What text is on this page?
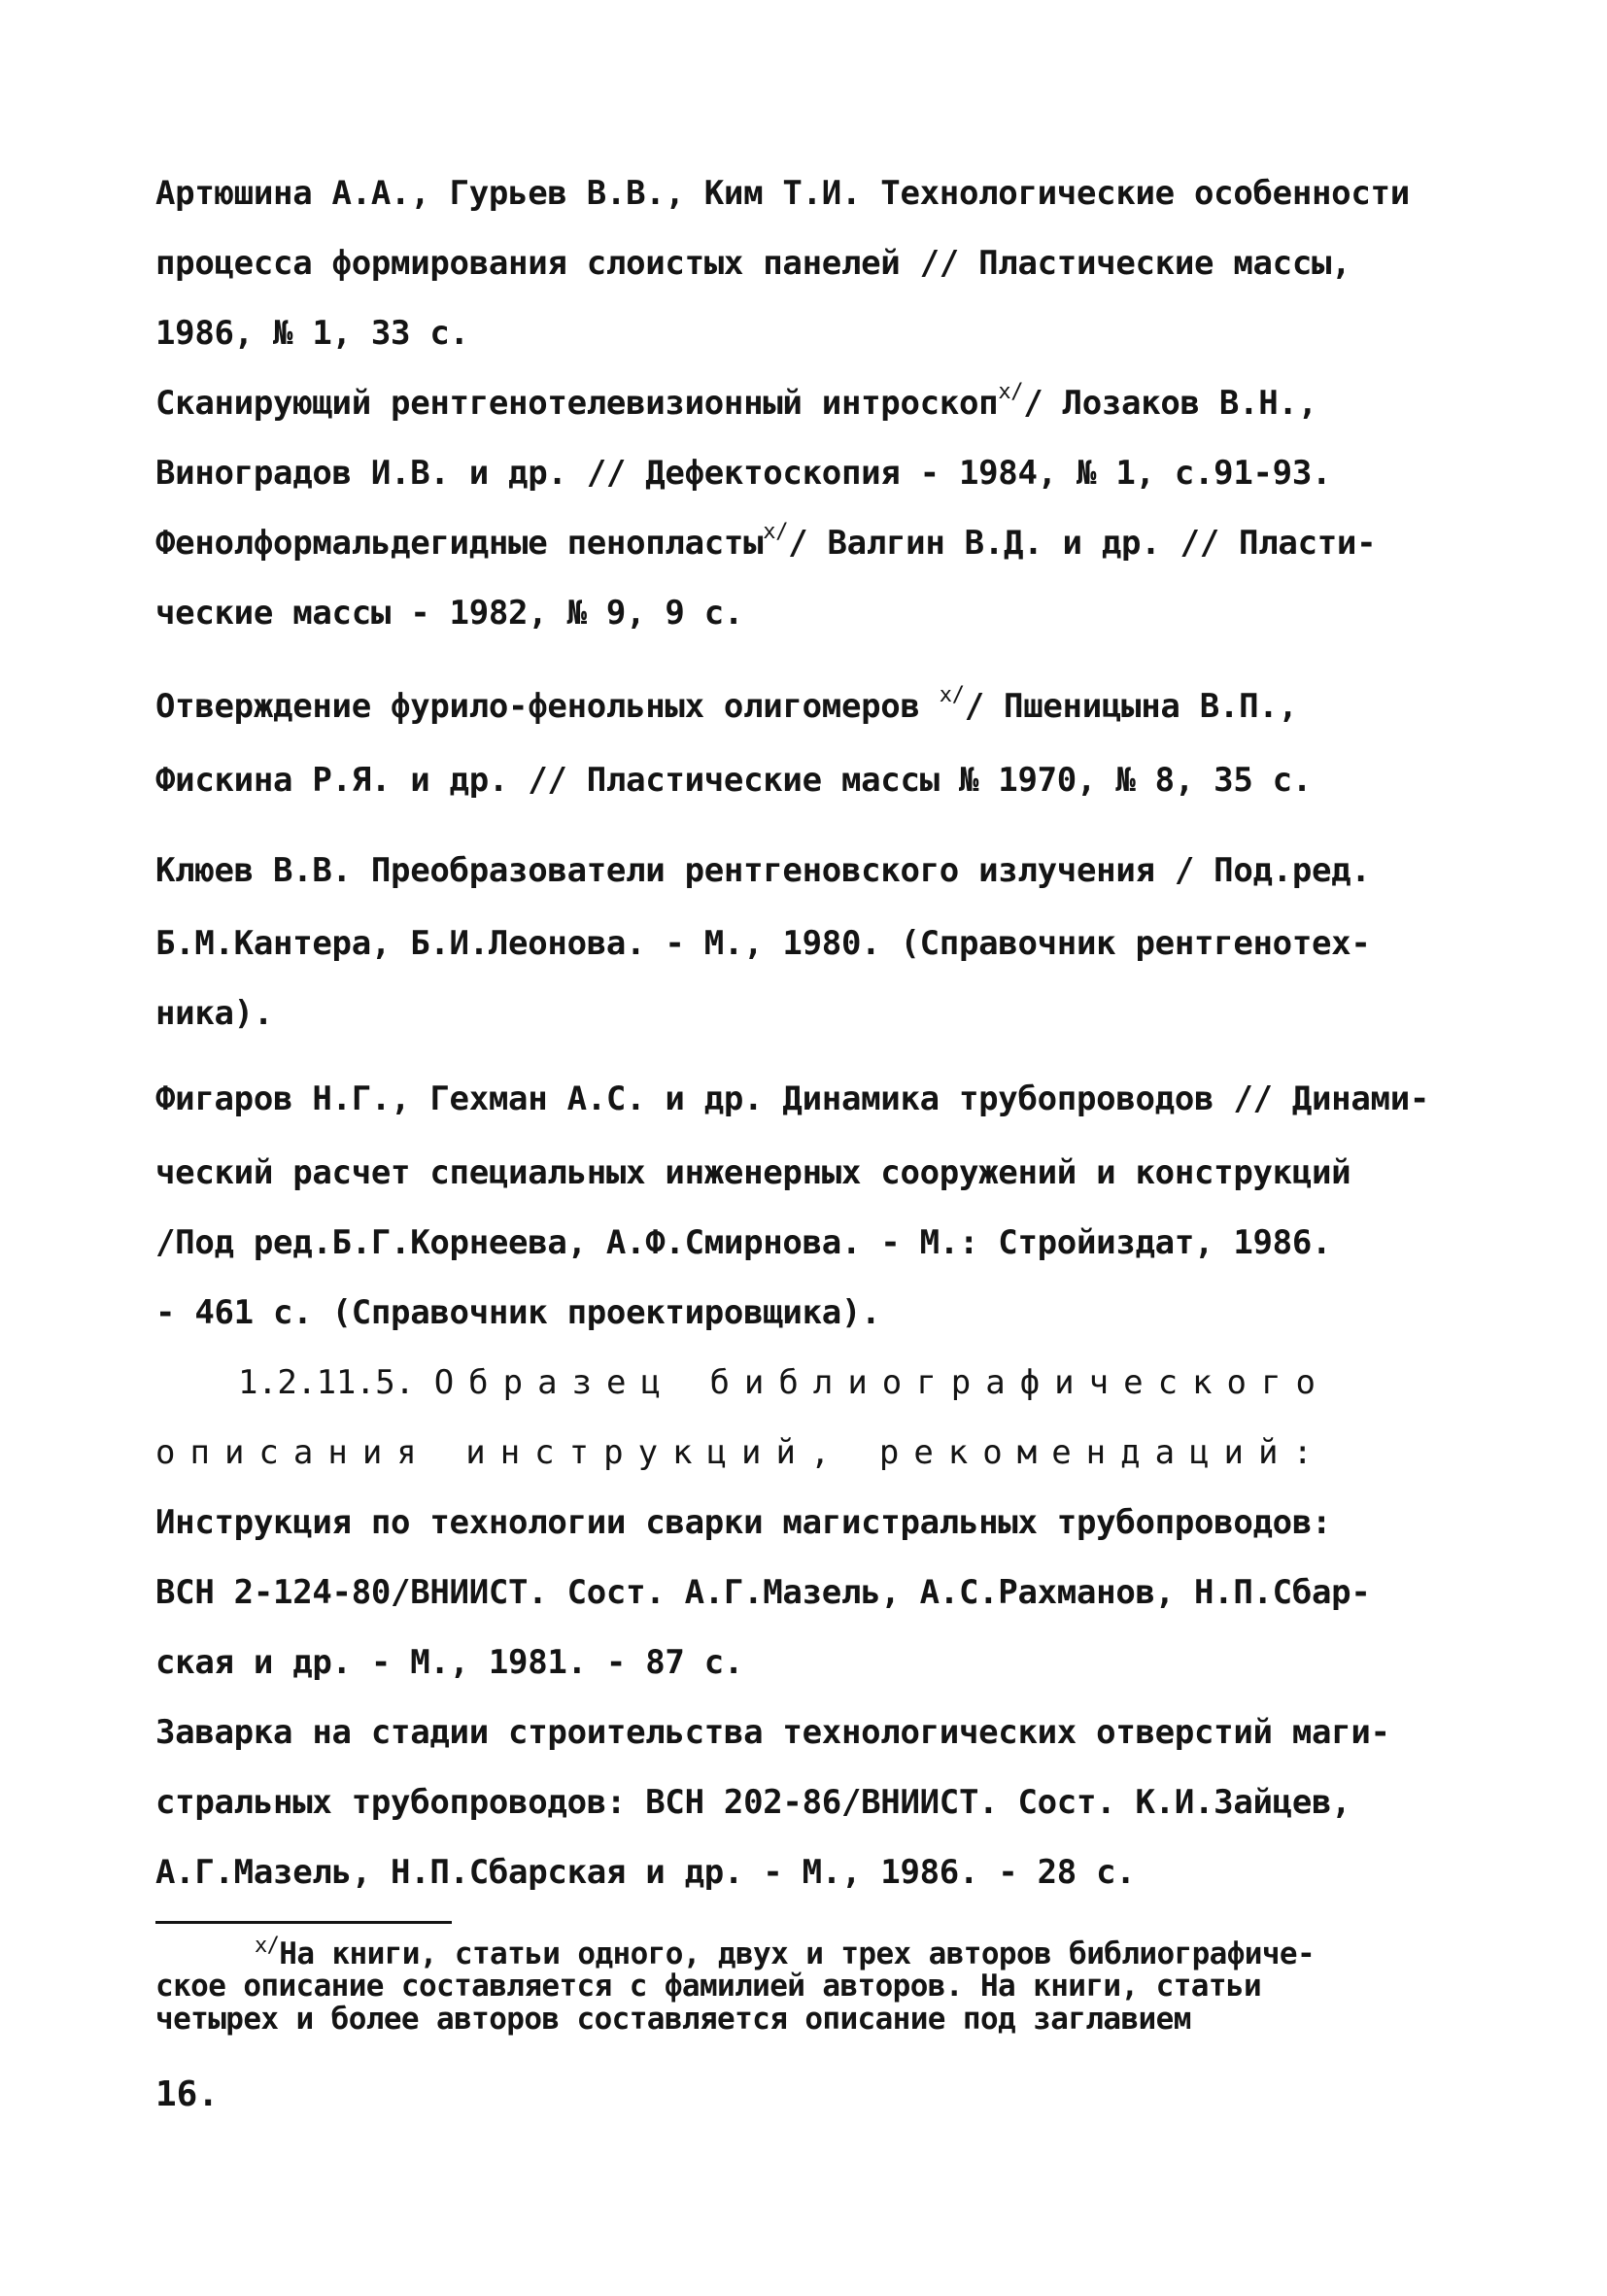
Артюшина А.А., Гурьев В.В., Ким Т.И. Технологические особенности
процесса формирования слоистых панелей // Пластические массы,
1986, № 1, 33 с.
Сканирующий рентгенотелевизионный интроскоп$^{x/}$/ Лозаков В.Н.,
Виноградов И.В. и др. // Дефектоскопия - 1984, № 1, с.91-93.
Фенолформальдегидные пенопласты$^{x/}$/ Валгин В.Д. и др. // Пласти-
ческие массы - 1982, № 9, 9 с.
Отверждение фурило-фенольных олигомеров $^{x/}$/ Пшеницына В.П.,
Фискина Р.Я. и др. // Пластические массы № 1970, № 8, 35 с.
Клюев В.В. Преобразователи рентгеновского излучения / Под.ред.
Б.М.Кантера, Б.И.Леонова. - М., 1980. (Справочник рентгенотех-
ника).
Фигаров Н.Г., Гехман А.С. и др. Динамика трубопроводов // Динами-
ческий расчет специальных инженерных сооружений и конструкций
/Под ред.Б.Г.Корнеева, А.Ф.Смирнова. - М.: Стройиздат, 1986.
- 461 с. (Справочник проектировщика).
1.2.11.5. Образец библиографического
описания инструкций, рекомендаций:
Инструкция по технологии сварки магистральных трубопроводов:
ВСН 2-124-80/ВНИИСТ. Сост. А.Г.Мазель, А.С.Рахманов, Н.П.Сбар-
ская и др. - М., 1981. - 87 с.
Заварка на стадии строительства технологических отверстий маги-
стральных трубопроводов: ВСН 202-86/ВНИИСТ. Сост. К.И.Зайцев,
А.Г.Мазель, Н.П.Сбарская и др. - М., 1986. - 28 с.
$^{x/}$На книги, статьи одного, двух и трех авторов библиографиче-
ское описание составляется с фамилией авторов. На книги, статьи
четырех и более авторов составляется описание под заглавием
16.
